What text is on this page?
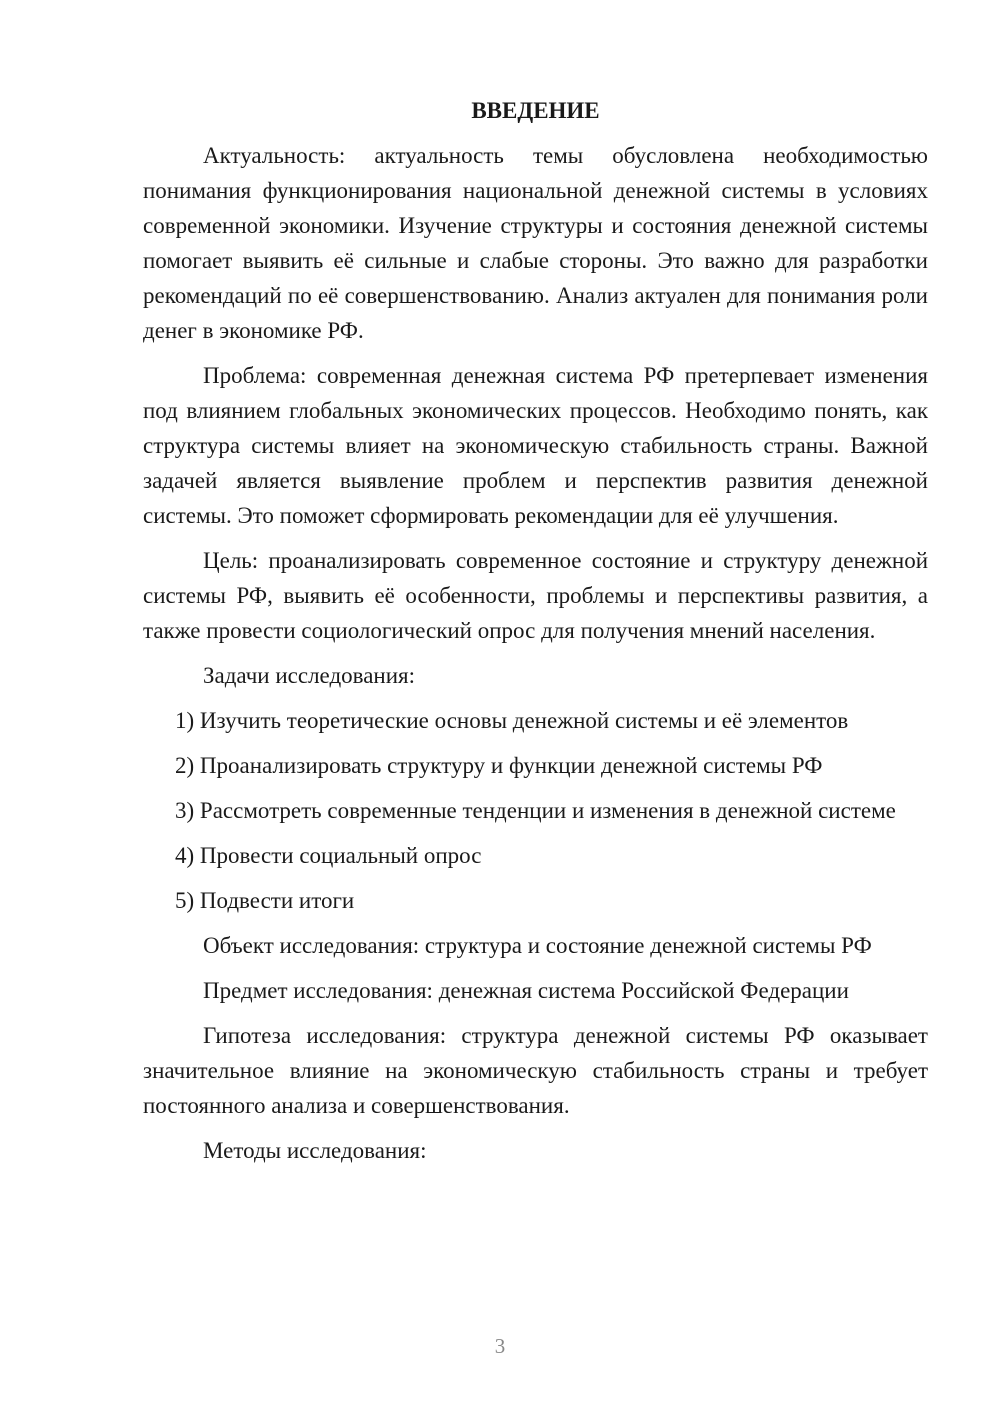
ВВЕДЕНИЕ

Актуальность: актуальность темы обусловлена необходимостью понимания функционирования национальной денежной системы в условиях современной экономики. Изучение структуры и состояния денежной системы помогает выявить её сильные и слабые стороны. Это важно для разработки рекомендаций по её совершенствованию. Анализ актуален для понимания роли денег в экономике РФ.

Проблема: современная денежная система РФ претерпевает изменения под влиянием глобальных экономических процессов. Необходимо понять, как структура системы влияет на экономическую стабильность страны. Важной задачей является выявление проблем и перспектив развития денежной системы. Это поможет сформировать рекомендации для её улучшения.

Цель: проанализировать современное состояние и структуру денежной системы РФ, выявить её особенности, проблемы и перспективы развития, а также провести социологический опрос для получения мнений населения.

Задачи исследования:

1) Изучить теоретические основы денежной системы и её элементов

2) Проанализировать структуру и функции денежной системы РФ

3) Рассмотреть современные тенденции и изменения в денежной системе

4) Провести социальный опрос

5) Подвести итоги

Объект исследования: структура и состояние денежной системы РФ

Предмет исследования: денежная система Российской Федерации

Гипотеза исследования: структура денежной системы РФ оказывает значительное влияние на экономическую стабильность страны и требует постоянного анализа и совершенствования.

Методы исследования:

3
